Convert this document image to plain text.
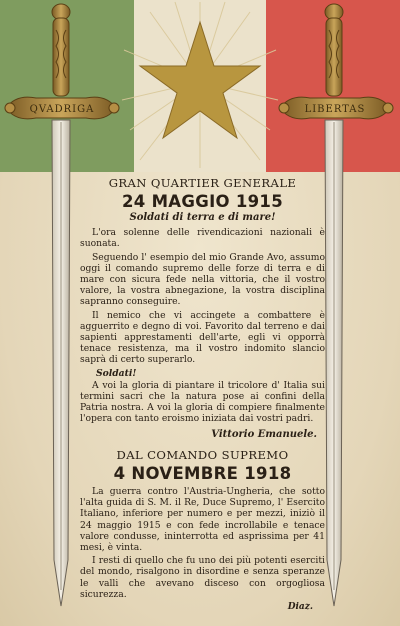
QVADRIGA	LIBERTAS
GRAN QUARTIER GENERALE
24 MAGGIO 1915
Soldati di terra e di mare!

L'ora solenne delle rivendicazioni nazionali è suonata.

Seguendo l' esempio del mio Grande Avo, assumo oggi il comando supremo delle forze di terra e di mare con sicura fede nella vittoria, che il vostro valore, la vostra abnegazione, la vostra disciplina sapranno conseguire.

Il nemico che vi accingete a combattere è agguerrito e degno di voi. Favorito dal terreno e dai sapienti apprestamenti dell'arte, egli vi opporrà tenace resistenza, ma il vostro indomito slancio saprà di certo superarlo.

Soldati!

A voi la gloria di piantare il tricolore d' Italia sui termini sacri che la natura pose ai confini della Patria nostra. A voi la gloria di compiere finalmente l'opera con tanto eroismo iniziata dai vostri padri.

Vittorio Emanuele.
DAL COMANDO SUPREMO
4 NOVEMBRE 1918

La guerra contro l'Austria-Ungheria, che sotto l'alta guida di S. M. il Re, Duce Supremo, l' Esercito Italiano, inferiore per numero e per mezzi, iniziò il 24 maggio 1915 e con fede incrollabile e tenace valore condusse, ininterrotta ed asprissima per 41 mesi, è vinta.

I resti di quello che fu uno dei più potenti eserciti del mondo, risalgono in disordine e senza speranze le valli che avevano disceso con orgogliosa sicurezza.

Diaz.
